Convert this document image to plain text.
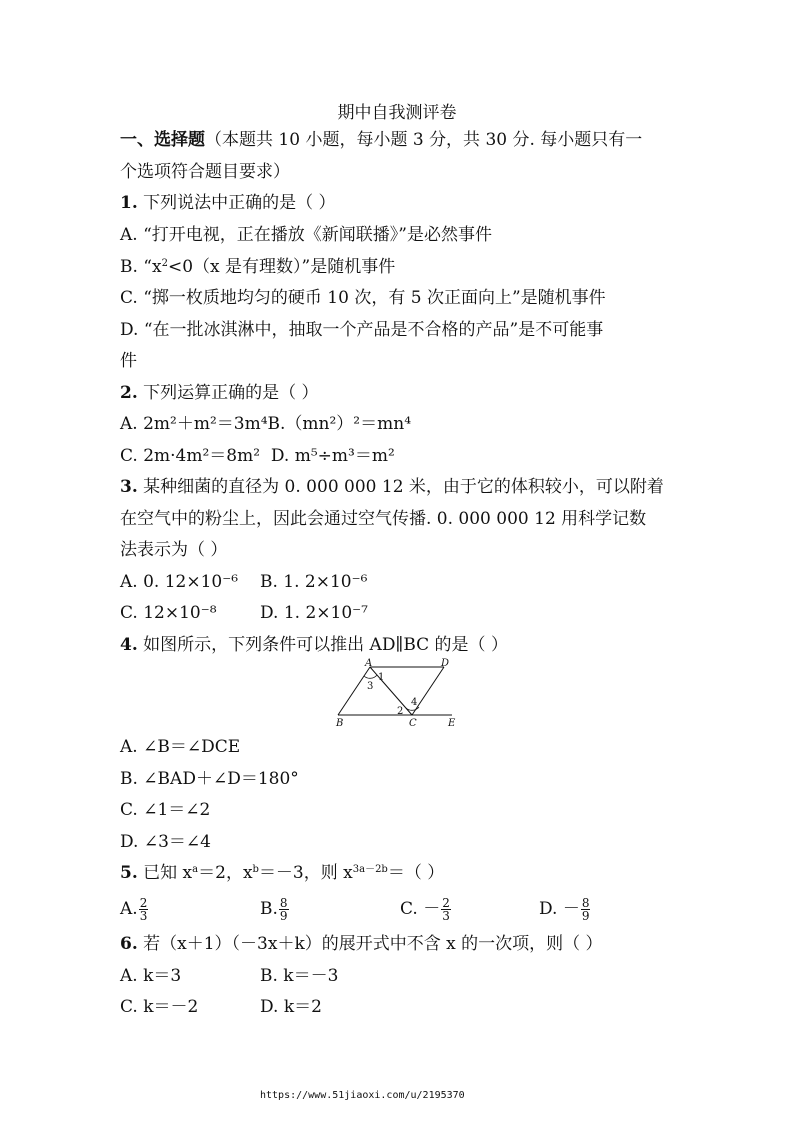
期中自我测评卷
一、选择题（本题共 10 小题，每小题 3 分，共 30 分. 每小题只有一
个选项符合题目要求）
1. 下列说法中正确的是（ ）
A. “打开电视，正在播放《新闻联播》”是必然事件
B. “$x^2<0(x$ 是有理数）”是随机事件
C. “掷一枚质地均匀的硬币 10 次，有 5 次正面向上”是随机事件
D. “在一批冰淇淋中，抽取一个产品是不合格的产品”是不可能事
件
2. 下列运算正确的是（ ）
A. 2m²＋m²＝3m⁴B.（mn²）²＝mn⁴
C. 2m·4m²＝8m² D. m⁵÷m³＝m²
3. 某种细菌的直径为 0. 000 000 12 米，由于它的体积较小，可以附着
在空气中的粉尘上，因此会通过空气传播. 0. 000 000 12 用科学记数
法表示为（ ）
A. 0. 12×10⁻⁶ B. 1. 2×10⁻⁶
C. 12×10⁻⁸	D. 1. 2×10⁻⁷
4. 如图所示，下列条件可以推出 AD∥BC 的是（ ）
A	D
B	C	E
1
3
2
4
A. ∠B＝∠DCE
B. ∠BAD＋∠D＝180°
C. ∠1＝∠2
D. ∠3＝∠4
5. 已知 $x^a=2$，$x^b=-3$，则 $x^{3a-2b}=$（ ）
A. $\frac{2}{3}$	B. $\frac{8}{9}$	C. － $\frac{2}{3}$	D. － $\frac{8}{9}$
6. 若（x＋1）（－3x＋k）的展开式中不含 x 的一次项，则（ ）
A. k＝3	B. k＝－3
C. k＝－2	D. k＝2
https://www.51jiaoxi.com/u/2195370
